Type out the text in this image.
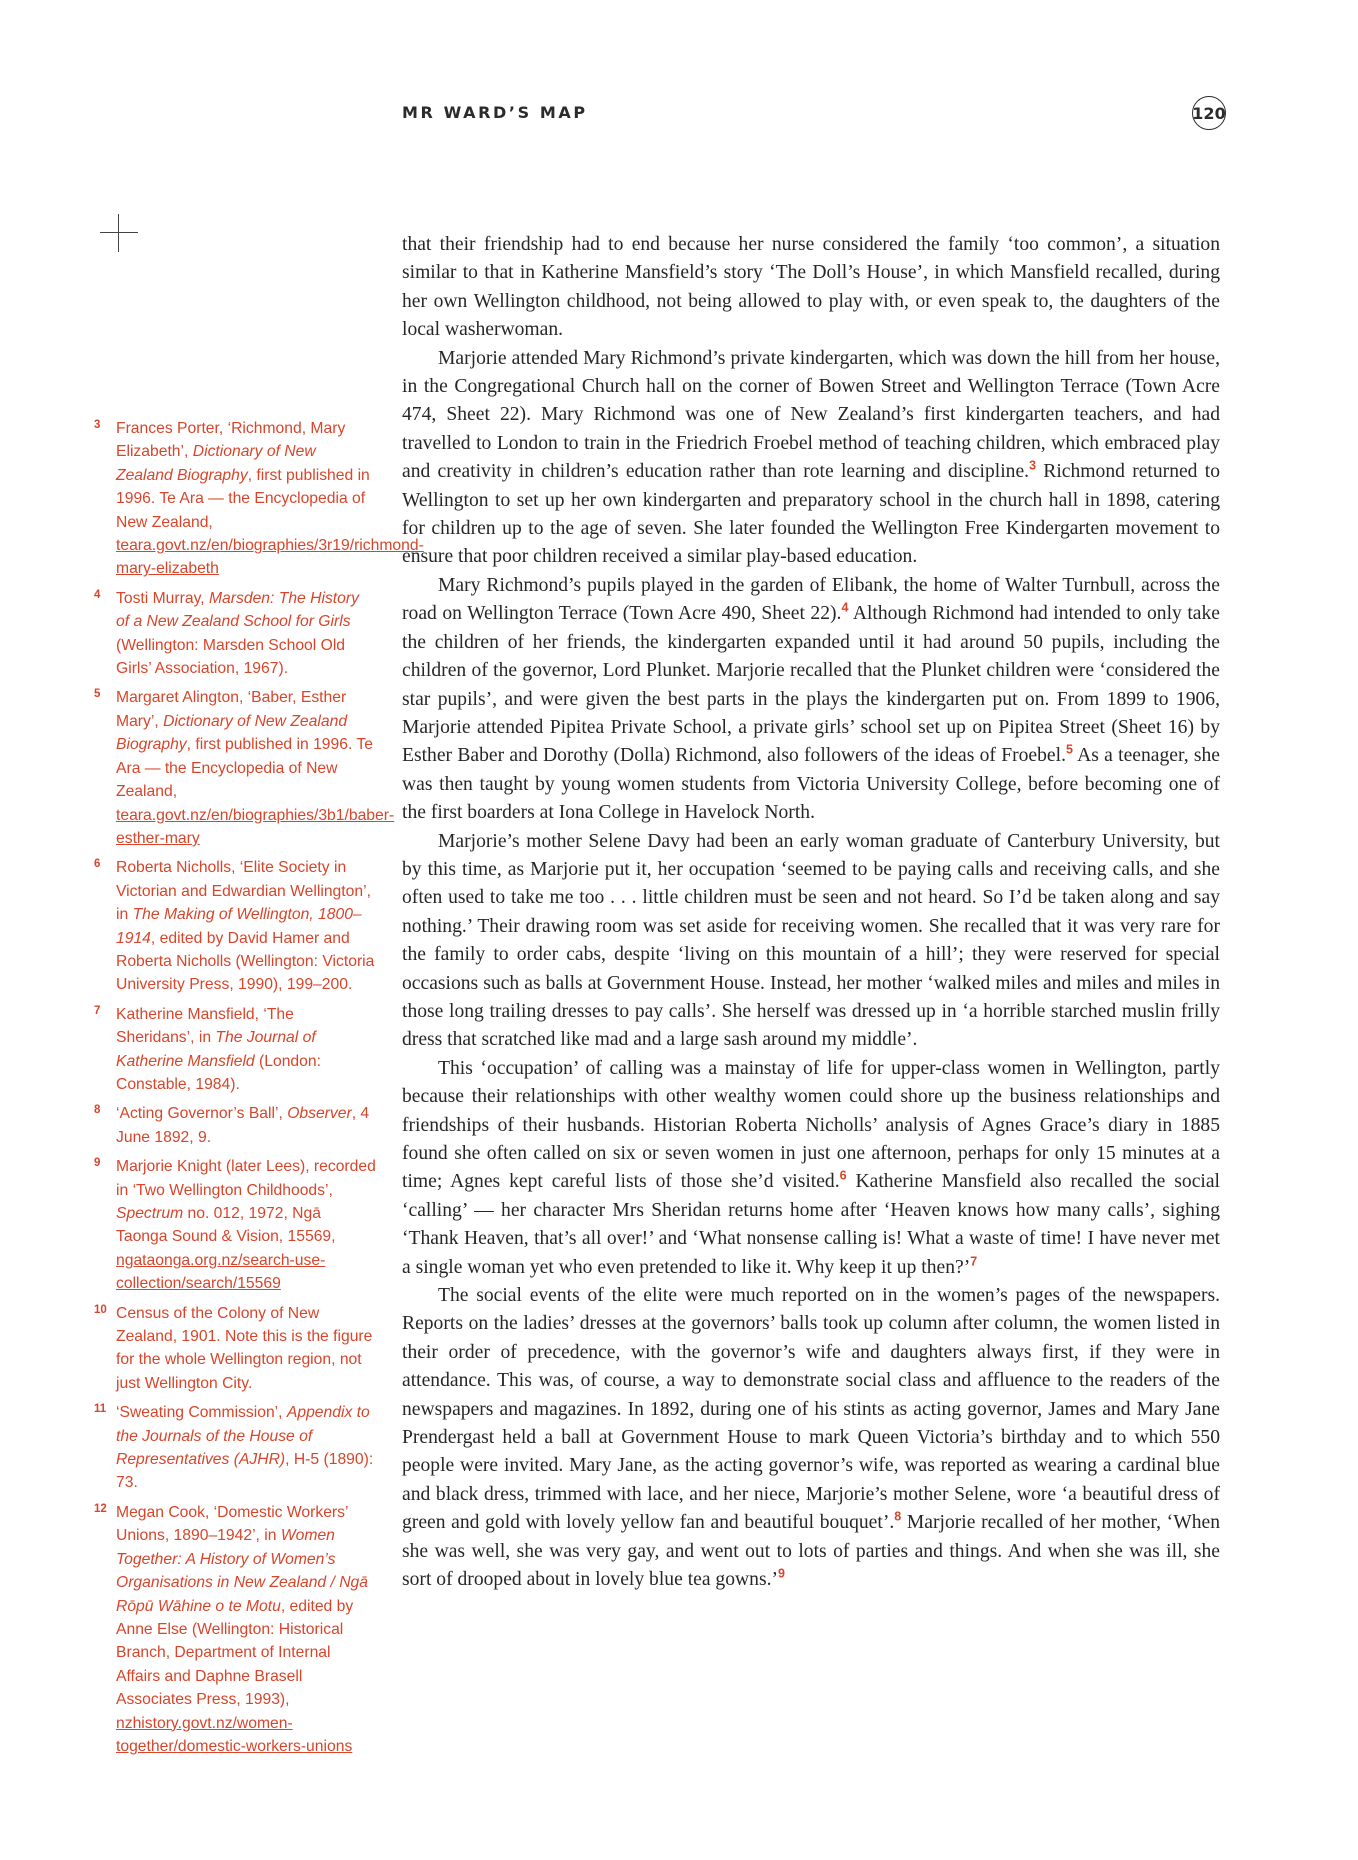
MR WARD’S MAP	120
3 Frances Porter, ‘Richmond, Mary Elizabeth’, Dictionary of New Zealand Biography, first published in 1996. Te Ara — the Encyclopedia of New Zealand, teara.govt.nz/en/biographies/3r19/richmond-mary-elizabeth
4 Tosti Murray, Marsden: The History of a New Zealand School for Girls (Wellington: Marsden School Old Girls’ Association, 1967).
5 Margaret Alington, ‘Baber, Esther Mary’, Dictionary of New Zealand Biography, first published in 1996. Te Ara — the Encyclopedia of New Zealand, teara.govt.nz/en/biographies/3b1/baber-esther-mary
6 Roberta Nicholls, ‘Elite Society in Victorian and Edwardian Wellington’, in The Making of Wellington, 1800–1914, edited by David Hamer and Roberta Nicholls (Wellington: Victoria University Press, 1990), 199–200.
7 Katherine Mansfield, ‘The Sheridans’, in The Journal of Katherine Mansfield (London: Constable, 1984).
8 ‘Acting Governor’s Ball’, Observer, 4 June 1892, 9.
9 Marjorie Knight (later Lees), recorded in ‘Two Wellington Childhoods’, Spectrum no. 012, 1972, Ngā Taonga Sound & Vision, 15569, ngataonga.org.nz/search-use-collection/search/15569
10 Census of the Colony of New Zealand, 1901. Note this is the figure for the whole Wellington region, not just Wellington City.
11 ‘Sweating Commission’, Appendix to the Journals of the House of Representatives (AJHR), H-5 (1890): 73.
12 Megan Cook, ‘Domestic Workers’ Unions, 1890–1942’, in Women Together: A History of Women’s Organisations in New Zealand / Ngā Rōpū Wāhine o te Motu, edited by Anne Else (Wellington: Historical Branch, Department of Internal Affairs and Daphne Brasell Associates Press, 1993), nzhistory.govt.nz/women-together/domestic-workers-unions

that their friendship had to end because her nurse considered the family ‘too common’, a situation similar to that in Katherine Mansfield’s story ‘The Doll’s House’, in which Mansfield recalled, during her own Wellington childhood, not being allowed to play with, or even speak to, the daughters of the local washerwoman.

Marjorie attended Mary Richmond’s private kindergarten, which was down the hill from her house, in the Congregational Church hall on the corner of Bowen Street and Wellington Terrace (Town Acre 474, Sheet 22). Mary Richmond was one of New Zealand’s first kindergarten teachers, and had travelled to London to train in the Friedrich Froebel method of teaching children, which embraced play and creativity in children’s education rather than rote learning and discipline.$^3$ Richmond returned to Wellington to set up her own kindergarten and preparatory school in the church hall in 1898, catering for children up to the age of seven. She later founded the Wellington Free Kindergarten movement to ensure that poor children received a similar play-based education.

Mary Richmond’s pupils played in the garden of Elibank, the home of Walter Turnbull, across the road on Wellington Terrace (Town Acre 490, Sheet 22).$^4$ Although Richmond had intended to only take the children of her friends, the kindergarten expanded until it had around 50 pupils, including the children of the governor, Lord Plunket. Marjorie recalled that the Plunket children were ‘considered the star pupils’, and were given the best parts in the plays the kindergarten put on. From 1899 to 1906, Marjorie attended Pipitea Private School, a private girls’ school set up on Pipitea Street (Sheet 16) by Esther Baber and Dorothy (Dolla) Richmond, also followers of the ideas of Froebel.$^5$ As a teenager, she was then taught by young women students from Victoria University College, before becoming one of the first boarders at Iona College in Havelock North.

Marjorie’s mother Selene Davy had been an early woman graduate of Canterbury University, but by this time, as Marjorie put it, her occupation ‘seemed to be paying calls and receiving calls, and she often used to take me too . . . little children must be seen and not heard. So I’d be taken along and say nothing.’ Their drawing room was set aside for receiving women. She recalled that it was very rare for the family to order cabs, despite ‘living on this mountain of a hill’; they were reserved for special occasions such as balls at Government House. Instead, her mother ‘walked miles and miles and miles in those long trailing dresses to pay calls’. She herself was dressed up in ‘a horrible starched muslin frilly dress that scratched like mad and a large sash around my middle’.

This ‘occupation’ of calling was a mainstay of life for upper-class women in Wellington, partly because their relationships with other wealthy women could shore up the business relationships and friendships of their husbands. Historian Roberta Nicholls’ analysis of Agnes Grace’s diary in 1885 found she often called on six or seven women in just one afternoon, perhaps for only 15 minutes at a time; Agnes kept careful lists of those she’d visited.$^6$ Katherine Mansfield also recalled the social ‘calling’ — her character Mrs Sheridan returns home after ‘Heaven knows how many calls’, sighing ‘Thank Heaven, that’s all over!’ and ‘What nonsense calling is! What a waste of time! I have never met a single woman yet who even pretended to like it. Why keep it up then?’$^7$

The social events of the elite were much reported on in the women’s pages of the newspapers. Reports on the ladies’ dresses at the governors’ balls took up column after column, the women listed in their order of precedence, with the governor’s wife and daughters always first, if they were in attendance. This was, of course, a way to demonstrate social class and affluence to the readers of the newspapers and magazines. In 1892, during one of his stints as acting governor, James and Mary Jane Prendergast held a ball at Government House to mark Queen Victoria’s birthday and to which 550 people were invited. Mary Jane, as the acting governor’s wife, was reported as wearing a cardinal blue and black dress, trimmed with lace, and her niece, Marjorie’s mother Selene, wore ‘a beautiful dress of green and gold with lovely yellow fan and beautiful bouquet’.$^8$ Marjorie recalled of her mother, ‘When she was well, she was very gay, and went out to lots of parties and things. And when she was ill, she sort of drooped about in lovely blue tea gowns.’$^9$
